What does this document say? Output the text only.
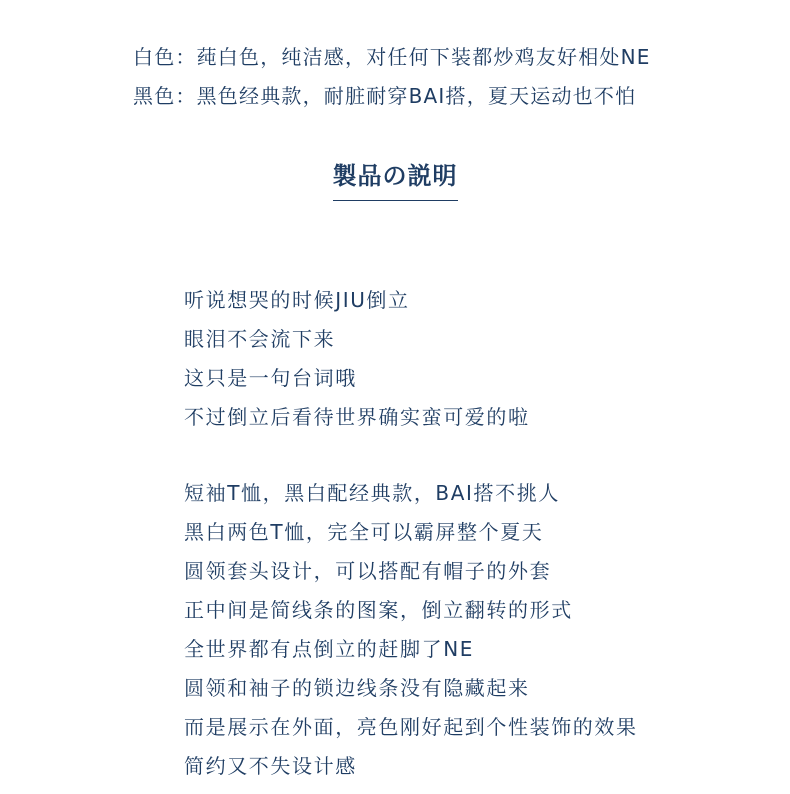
白色：莼白色，纯洁感，对任何下装都炒鸡友好相处NE
黑色：黑色经典款，耐脏耐穿BAI搭，夏天运动也不怕
製品の説明
听说想哭的时候JIU倒立
眼泪不会流下来
这只是一句台词哦
不过倒立后看待世界确实蛮可爱的啦
短袖T恤，黑白配经典款，BAI搭不挑人
黑白两色T恤，完全可以霸屏整个夏天
圆领套头设计，可以搭配有帽子的外套
正中间是简线条的图案，倒立翻转的形式
全世界都有点倒立的赶脚了NE
圆领和袖子的锁边线条没有隐藏起来
而是展示在外面，亮色刚好起到个性装饰的效果
简约又不失设计感
